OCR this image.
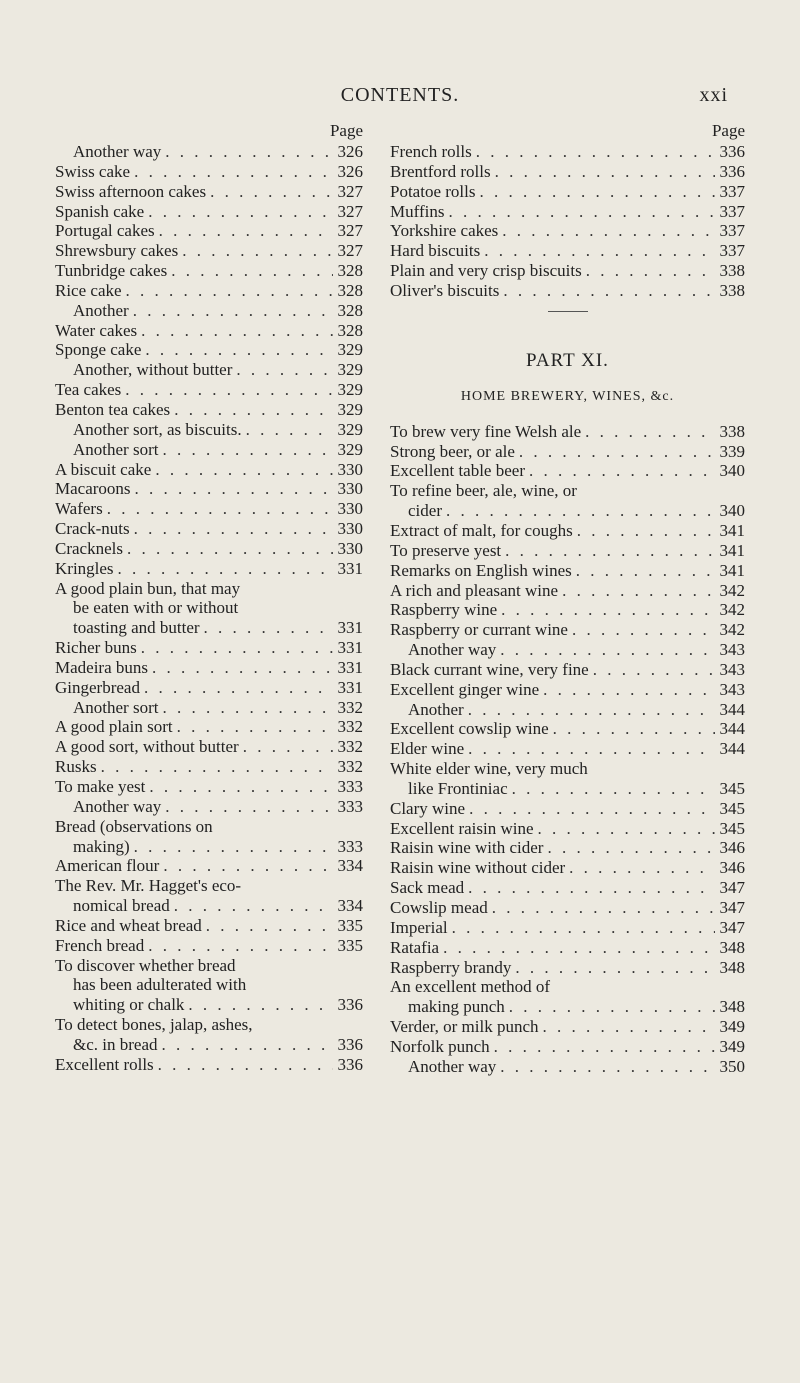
CONTENTS.	xxi
Page
Another way . . .	326
Swiss cake . . .	326
Swiss afternoon cakes . . .	327
Spanish cake . . .	327
Portugal cakes . . .	327
Shrewsbury cakes . . .	327
Tunbridge cakes . . .	328
Rice cake . . .	328
Another . . .	328
Water cakes . . .	328
Sponge cake . . .	329
Another, without butter . . .	329
Tea cakes . . .	329
Benton tea cakes . . .	329
Another sort, as biscuits. . . .	329
Another sort . . .	329
A biscuit cake . . .	330
Macaroons . . .	330
Wafers . . .	330
Crack-nuts . . .	330
Cracknels . . .	330
Kringles . . .	331
A good plain bun, that may
be eaten with or without
toasting and butter . . .	331
Richer buns . . .	331
Madeira buns . . .	331
Gingerbread . . .	331
Another sort . . .	332
A good plain sort . . .	332
A good sort, without butter . . .	332
Rusks . . .	332
To make yest . . .	333
Another way . . .	333
Bread (observations on
making) . . .	333
American flour . . .	334
The Rev. Mr. Hagget's eco-
nomical bread . . .	334
Rice and wheat bread . . .	335
French bread . . .	335
To discover whether bread
has been adulterated with
whiting or chalk . . .	336
To detect bones, jalap, ashes,
&c. in bread . . .	336
Excellent rolls . . .	336
Page
French rolls . . .	336
Brentford rolls . . .	336
Potatoe rolls . . .	337
Muffins . . .	337
Yorkshire cakes . . .	337
Hard biscuits . . .	337
Plain and very crisp biscuits . . .	338
Oliver's biscuits . . .	338
PART XI.
HOME BREWERY, WINES, &c.
To brew very fine Welsh ale . . .	338
Strong beer, or ale . . .	339
Excellent table beer . . .	340
To refine beer, ale, wine, or
cider . . .	340
Extract of malt, for coughs . . .	341
To preserve yest . . .	341
Remarks on English wines . . .	341
A rich and pleasant wine . . .	342
Raspberry wine . . .	342
Raspberry or currant wine . . .	342
Another way . . .	343
Black currant wine, very fine . . .	343
Excellent ginger wine . . .	343
Another . . .	344
Excellent cowslip wine . . .	344
Elder wine . . .	344
White elder wine, very much
like Frontiniac . . .	345
Clary wine . . .	345
Excellent raisin wine . . .	345
Raisin wine with cider . . .	346
Raisin wine without cider . . .	346
Sack mead . . .	347
Cowslip mead . . .	347
Imperial . . .	347
Ratafia . . .	348
Raspberry brandy . . .	348
An excellent method of
making punch . . .	348
Verder, or milk punch . . .	349
Norfolk punch . . .	349
Another way . . .	350
